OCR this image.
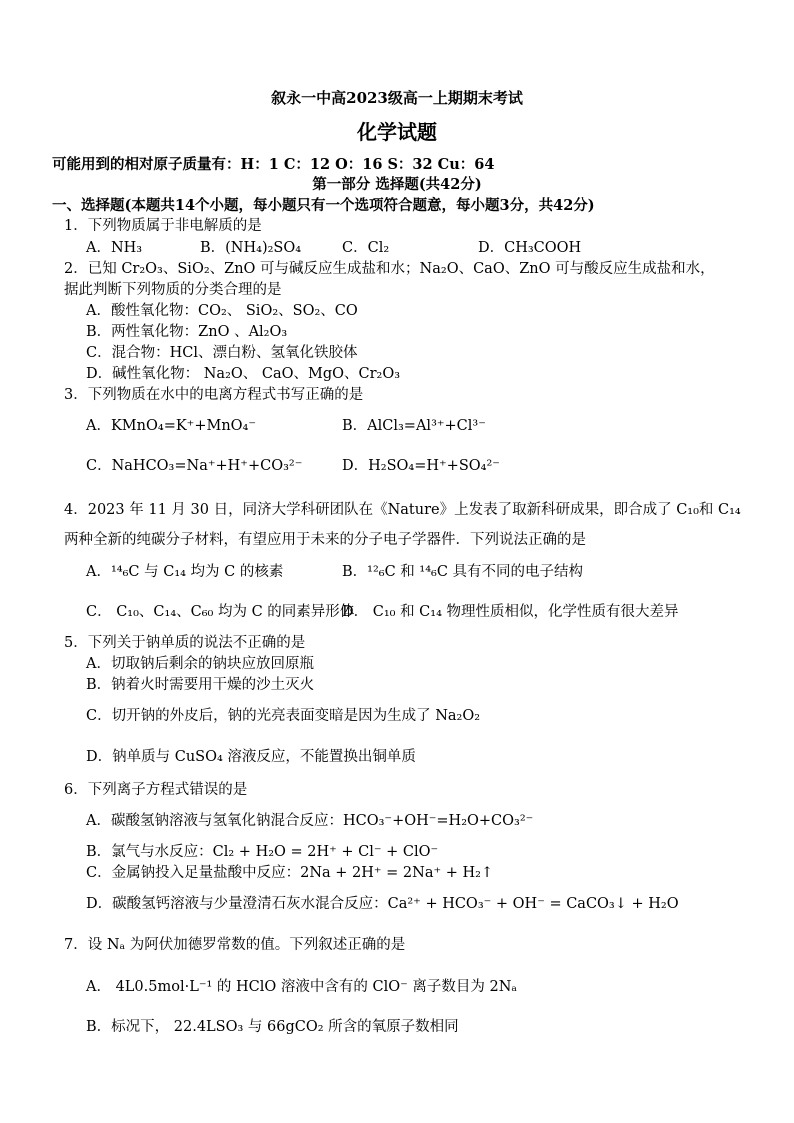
叙永一中高2023级高一上期期末考试
化学试题
可能用到的相对原子质量有：H：1 C：12 O：16 S：32 Cu：64
第一部分 选择题(共42分)
一、选择题(本题共14个小题，每小题只有一个选项符合题意，每小题3分，共42分)
1．下列物质属于非电解质的是
A．NH₃	B．(NH₄)₂SO₄	C．Cl₂	D．CH₃COOH
2．已知 Cr₂O₃、SiO₂、ZnO 可与碱反应生成盐和水；Na₂O、CaO、ZnO 可与酸反应生成盐和水，
据此判断下列物质的分类合理的是
A．酸性氧化物：CO₂、 SiO₂、SO₂、CO
B．两性氧化物：ZnO 、Al₂O₃
C．混合物：HCl、漂白粉、氢氧化铁胶体
D．碱性氧化物： Na₂O、 CaO、MgO、Cr₂O₃
3．下列物质在水中的电离方程式书写正确的是
A．KMnO₄=K⁺+MnO₄⁻	B．AlCl₃=Al³⁺+Cl³⁻
C．NaHCO₃=Na⁺+H⁺+CO₃²⁻	D．H₂SO₄=H⁺+SO₄²⁻
4．2023 年 11 月 30 日，同济大学科研团队在《Nature》上发表了取新科研成果，即合成了 C₁₀和 C₁₄
两种全新的纯碳分子材料，有望应用于未来的分子电子学器件．下列说法正确的是
A．¹⁴₆C 与 C₁₄ 均为 C 的核素	B．¹²₆C 和 ¹⁴₆C 具有不同的电子结构
C． C₁₀、C₁₄、C₆₀ 均为 C 的同素异形体
D． C₁₀ 和 C₁₄ 物理性质相似，化学性质有很大差异
5．下列关于钠单质的说法不正确的是
A．切取钠后剩余的钠块应放回原瓶
B．钠着火时需要用干燥的沙土灭火
C．切开钠的外皮后，钠的光亮表面变暗是因为生成了 Na₂O₂
D．钠单质与 CuSO₄ 溶液反应，不能置换出铜单质
6．下列离子方程式错误的是
A．碳酸氢钠溶液与氢氧化钠混合反应：HCO₃⁻+OH⁻=H₂O+CO₃²⁻
B．氯气与水反应：Cl₂ + H₂O = 2H⁺ + Cl⁻ + ClO⁻
C．金属钠投入足量盐酸中反应：2Na + 2H⁺ = 2Na⁺ + H₂↑
D．碳酸氢钙溶液与少量澄清石灰水混合反应：Ca²⁺ + HCO₃⁻ + OH⁻ = CaCO₃↓ + H₂O
7．设 Nₐ 为阿伏加德罗常数的值。下列叙述正确的是
A． 4L0.5mol·L⁻¹ 的 HClO 溶液中含有的 ClO⁻ 离子数目为 2Nₐ
B．标况下， 22.4LSO₃ 与 66gCO₂ 所含的氧原子数相同
